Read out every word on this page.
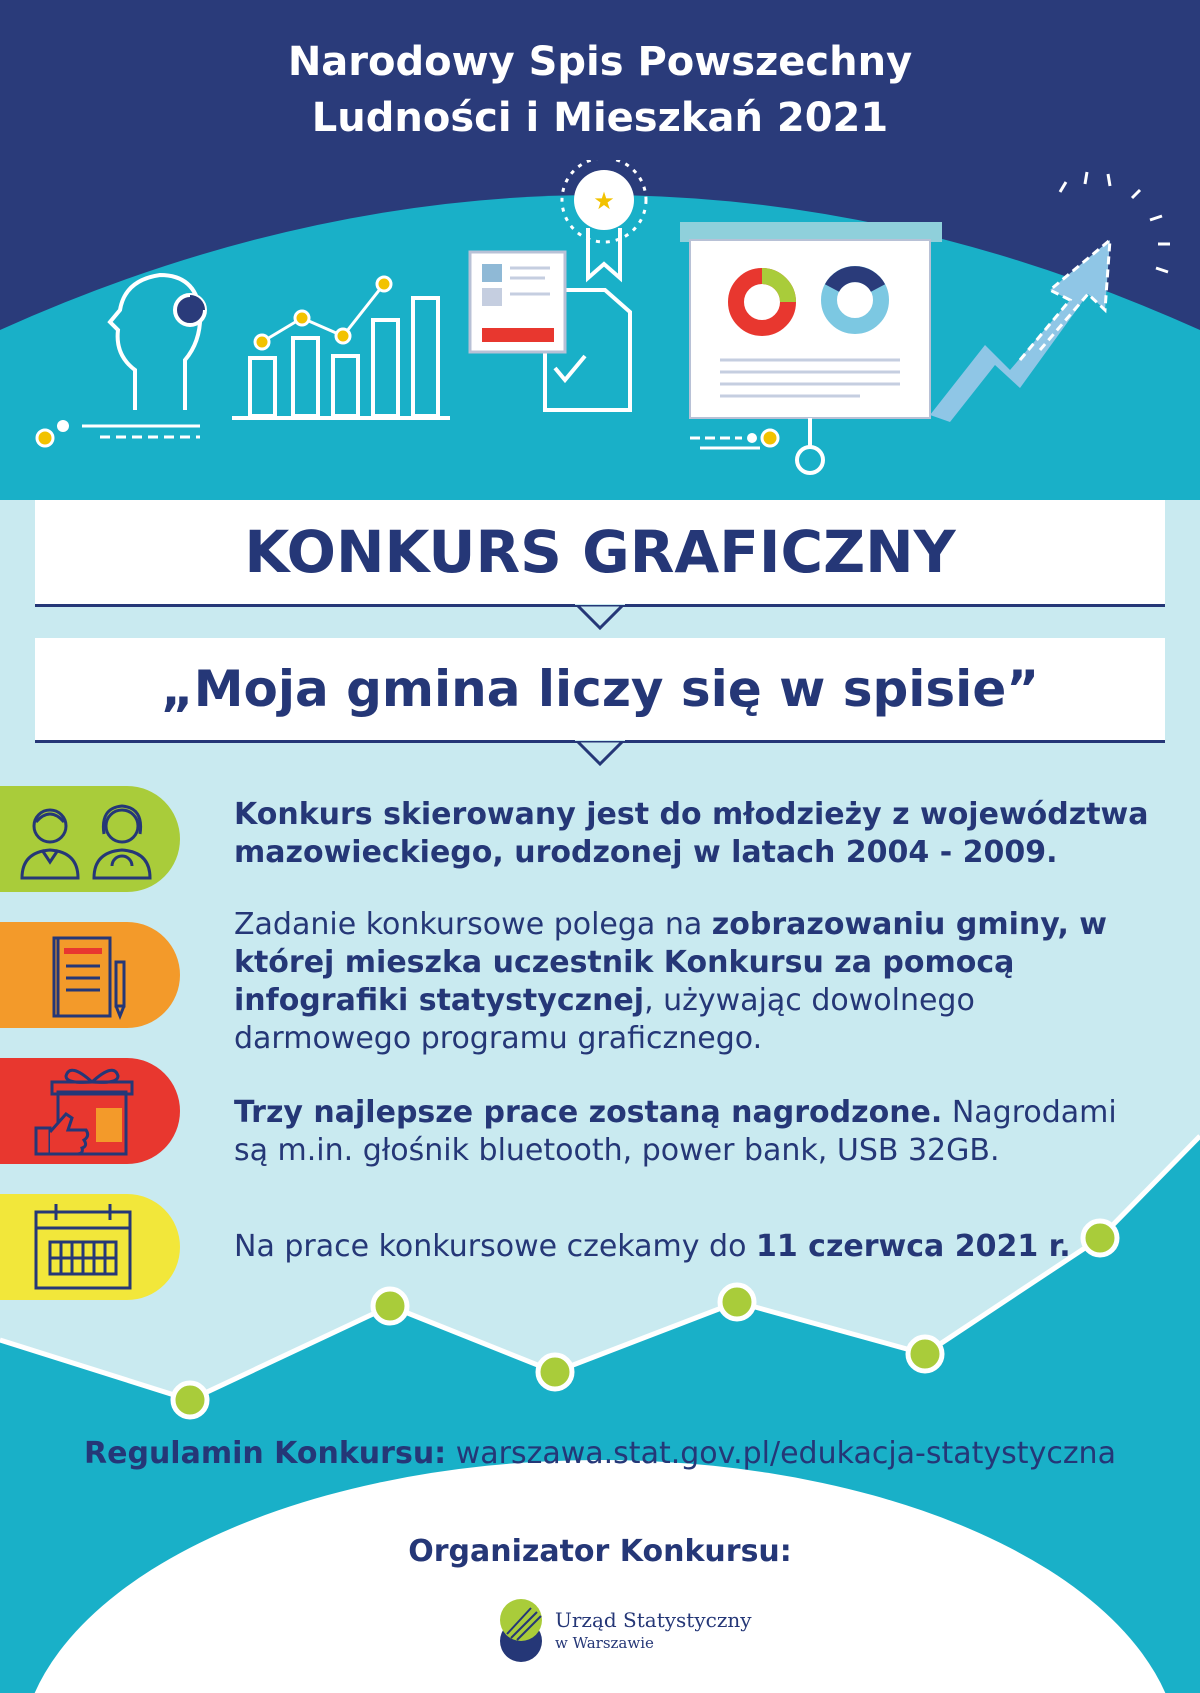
Narodowy Spis Powszechny
Ludności i Mieszkań 2021
★
KONKURS GRAFICZNY
„Moja gmina liczy się w spisie”
Konkurs skierowany jest do młodzieży z województwa mazowieckiego, urodzonej w latach 2004 - 2009.
Zadanie konkursowe polega na zobrazowaniu gminy, w której mieszka uczestnik Konkursu za pomocą infografiki statystycznej, używając dowolnego darmowego programu graficznego.
Trzy najlepsze prace zostaną nagrodzone. Nagrodami są m.in. głośnik bluetooth, power bank, USB 32GB.
Na prace konkursowe czekamy do 11 czerwca 2021 r.
Regulamin Konkursu: warszawa.stat.gov.pl/edukacja-statystyczna
Organizator Konkursu:
Urząd Statystyczny
w Warszawie
